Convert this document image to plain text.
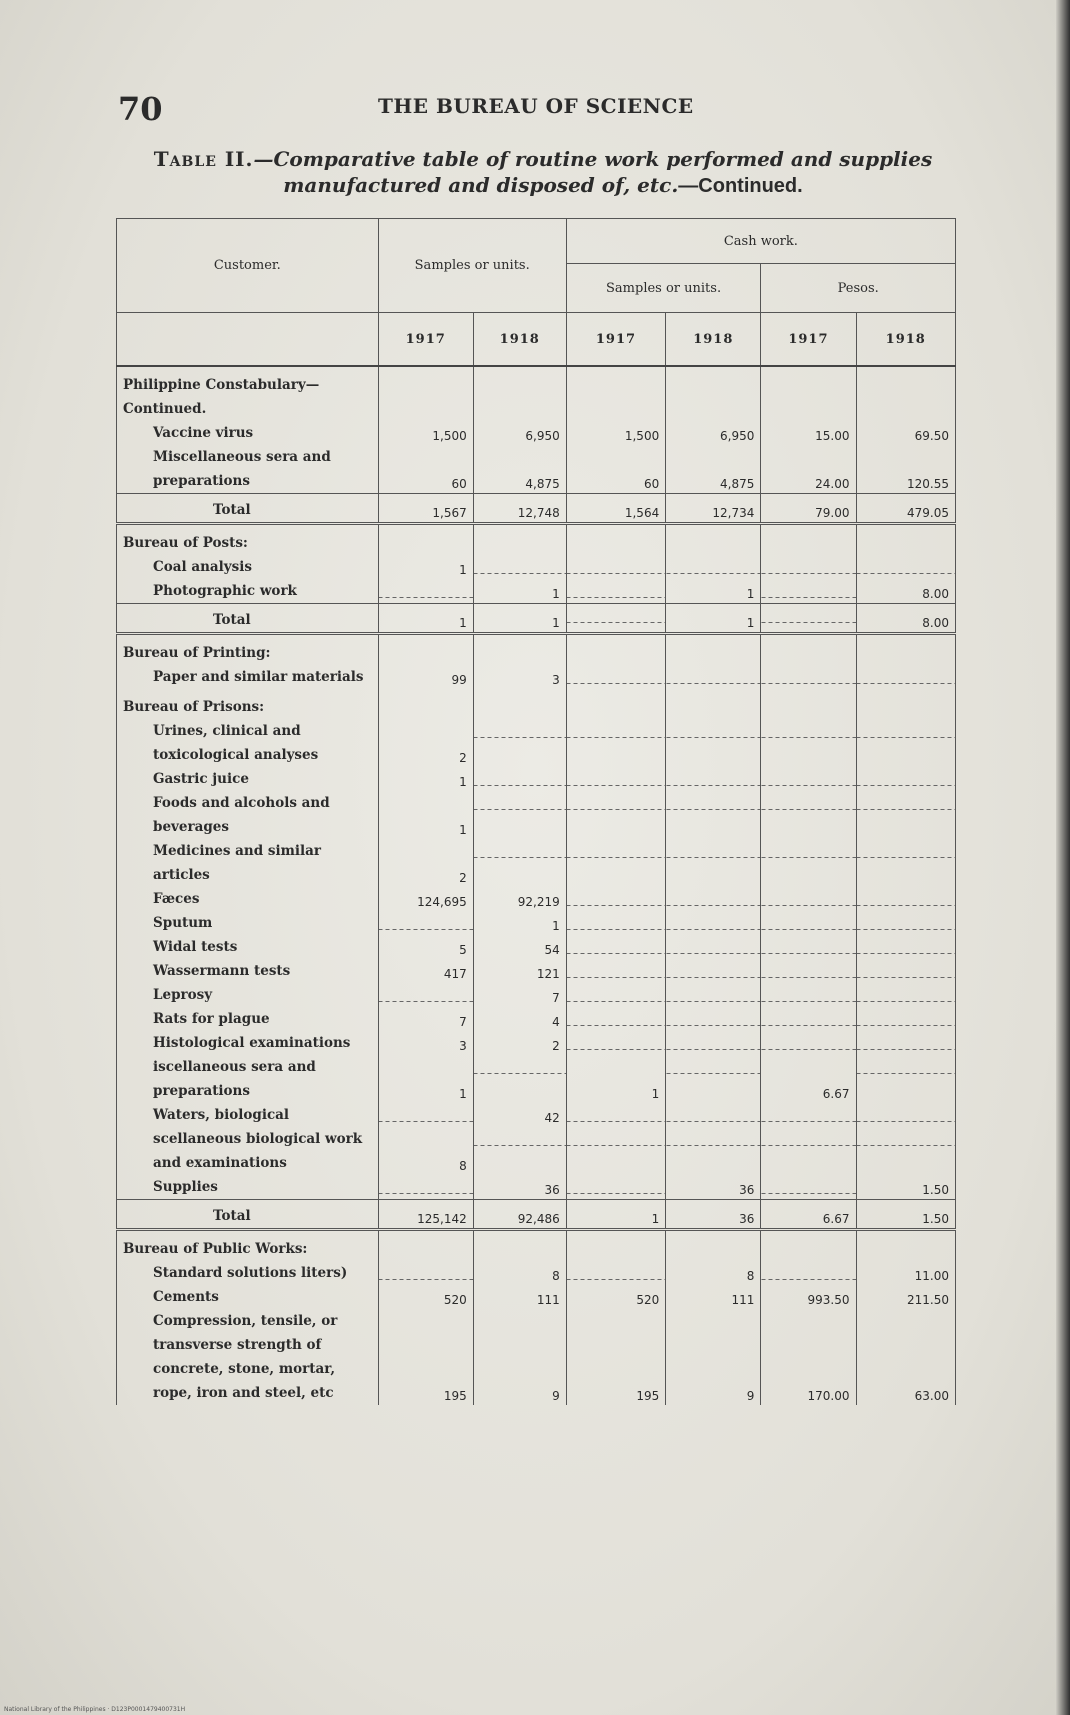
70	THE BUREAU OF SCIENCE
Table II.—Comparative table of routine work performed and supplies manufactured and disposed of, etc.—Continued.
Customer.	Samples or units.		Cash work.			
			Samples or units.		Pesos.	
	1917	1918	1917	1918	1917	1918
Philippine Constabulary—Continued.						
Vaccine virus	1,500	6,950	1,500	6,950	15.00	69.50
Miscellaneous sera and preparations	60	4,875	60	4,875	24.00	120.55
Total	1,567	12,748	1,564	12,734	79.00	479.05
Bureau of Posts:						
Coal analysis	1					
Photographic work		1		1		8.00
Total	1	1		1		8.00
Bureau of Printing:						
Paper and similar materials	99	3				
Bureau of Prisons:						
Urines, clinical and toxicological analyses	2					
Gastric juice	1					
Foods and alcohols and beverages	1					
Medicines and similar articles	2					
Fæces	124,695	92,219				
Sputum		1				
Widal tests	5	54				
Wassermann tests	417	121				
Leprosy		7				
Rats for plague	7	4				
Histological examinations	3	2				
iscellaneous sera and preparations	1		1		6.67	
Waters, biological		42				
scellaneous biological work and examinations	8					
Supplies		36		36		1.50
Total	125,142	92,486	1	36	6.67	1.50
Bureau of Public Works:						
Standard solutions liters)		8		8		11.00
Cements	520	111	520	111	993.50	211.50
Compression, tensile, or transverse strength of concrete, stone, mortar, rope, iron and steel, etc	195	9	195	9	170.00	63.00
National Library of the Philippines · D123P0001479400731H
